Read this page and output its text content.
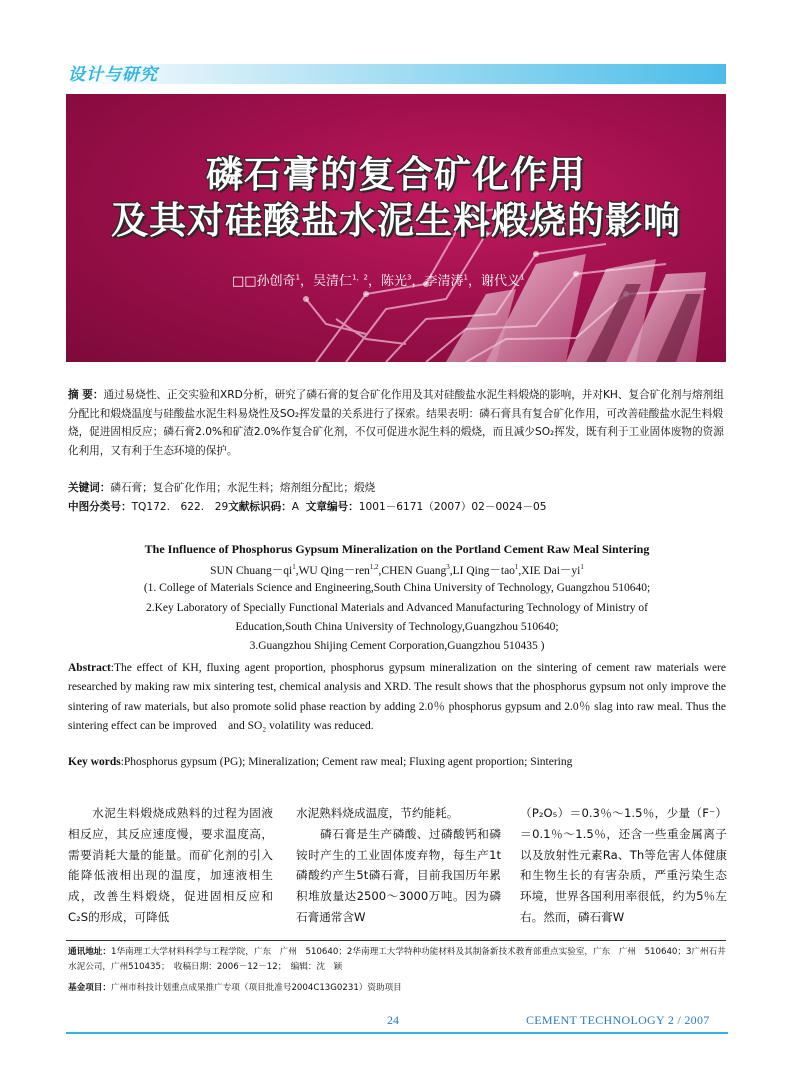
设计与研究
磷石膏的复合矿化作用
及其对硅酸盐水泥生料煅烧的影响
□□孙创奇$^1$，吴清仁$^{1,2}$，陈光$^3$，李清涛$^1$，谢代义$^1$
摘 要：通过易烧性、正交实验和XRD分析，研究了磷石膏的复合矿化作用及其对硅酸盐水泥生料煅烧的影响，并对KH、复合矿化剂与熔剂组分配比和煅烧温度与硅酸盐水泥生料易烧性及SO₂挥发量的关系进行了探索。结果表明：磷石膏具有复合矿化作用，可改善硅酸盐水泥生料煅烧，促进固相反应；磷石膏2.0%和矿渣2.0%作复合矿化剂，不仅可促进水泥生料的煅烧，而且减少SO₂挥发，既有利于工业固体废物的资源化利用，又有利于生态环境的保护。
关键词：磷石膏；复合矿化作用；水泥生料；熔剂组分配比；煅烧
中图分类号：TQ172.　622.　29文献标识码：A 文章编号：1001－6171（2007）02－0024－05
The Influence of Phosphorus Gypsum Mineralization on the Portland Cement Raw Meal Sintering
SUN $Chuang-qi^1,WU$ Qing－ren$^{1,2}$,CHEN Guang$^3$,LI Qing－tao$^1$,XIE $Dai-yi^1$
(1. College of Materials Science and Engineering,South China University of Technology, Guangzhou 510640;
2.Key Laboratory of Specially Functional Materials and Advanced Manufacturing Technology of Ministry of
Education,South China University of Technology,Guangzhou 510640;
3.Guangzhou Shijing Cement Corporation,Guangzhou 510435 )
Abstract:The effect of KH, fluxing agent proportion, phosphorus gypsum mineralization on the sintering of cement raw materials were researched by making raw mix sintering test, chemical analysis and XRD. The result shows that the phosphorus gypsum not only improve the sintering of raw materials, but also promote solid phase reaction by adding 2.0％ phosphorus gypsum and 2.0％ slag into raw meal. Thus the sintering effect can be improved　and SO₂ volatility was reduced.
Key words:Phosphorus gypsum (PG); Mineralization; Cement raw meal; Fluxing agent proportion; Sintering

　　水泥生料煅烧成熟料的过程为固液相反应，其反应速度慢，要求温度高，需要消耗大量的能量。而矿化剂的引入能降低液相出现的温度，加速液相生成，改善生料煅烧，促进固相反应和C₂S的形成，可降低

水泥熟料烧成温度，节约能耗。

　　磷石膏是生产磷酸、过磷酸钙和磷铵时产生的工业固体废弃物，每生产1t磷酸约产生5t磷石膏，目前我国历年累积堆放量达2500～3000万吨。因为磷石膏通常含W

（P₂O₅）＝0.3％～1.5％，少量（F⁻）＝0.1％～1.5％，还含一些重金属离子以及放射性元素Ra、Th等危害人体健康和生物生长的有害杂质，严重污染生态环境，世界各国利用率很低，约为5％左右。然而，磷石膏W

通讯地址：1华南理工大学材料科学与工程学院，广东　广州　510640；2华南理工大学特种功能材料及其制备新技术教育部重点实验室，广东　广州　510640；3广州石井水泥公司，广州510435；　收稿日期：2006－12－12；　编辑：沈　颖
基金项目：广州市科技计划重点成果推广专项（项目批准号2004C13G0231）资助项目
24	CEMENT TECHNOLOGY 2 / 2007
